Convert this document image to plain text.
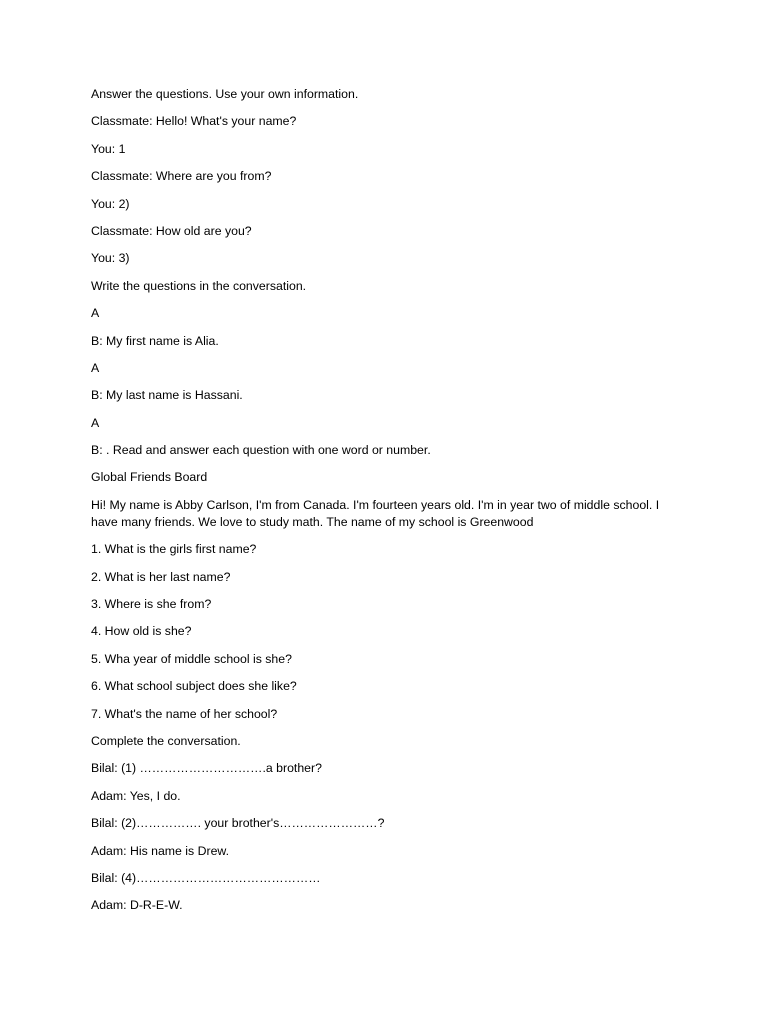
Answer the questions. Use your own information.

Classmate: Hello! What's your name?

You: 1

Classmate: Where are you from?

You: 2)

Classmate: How old are you?

You: 3)

Write the questions in the conversation.

A

B: My first name is Alia.

A

B: My last name is Hassani.

A

B: . Read and answer each question with one word or number.

Global Friends Board

Hi! My name is Abby Carlson, I'm from Canada. I'm fourteen years old. I'm in year two of middle school. I have many friends. We love to study math. The name of my school is Greenwood

1. What is the girls first name?

2. What is her last name?

3. Where is she from?

4. How old is she?

5. Wha year of middle school is she?

6. What school subject does she like?

7. What's the name of her school?

Complete the conversation.

Bilal: (1) ………………………….a brother?

Adam: Yes, I do.

Bilal: (2)……………. your brother's……………………?

Adam: His name is Drew.

Bilal: (4)………………………………………

Adam: D-R-E-W.
